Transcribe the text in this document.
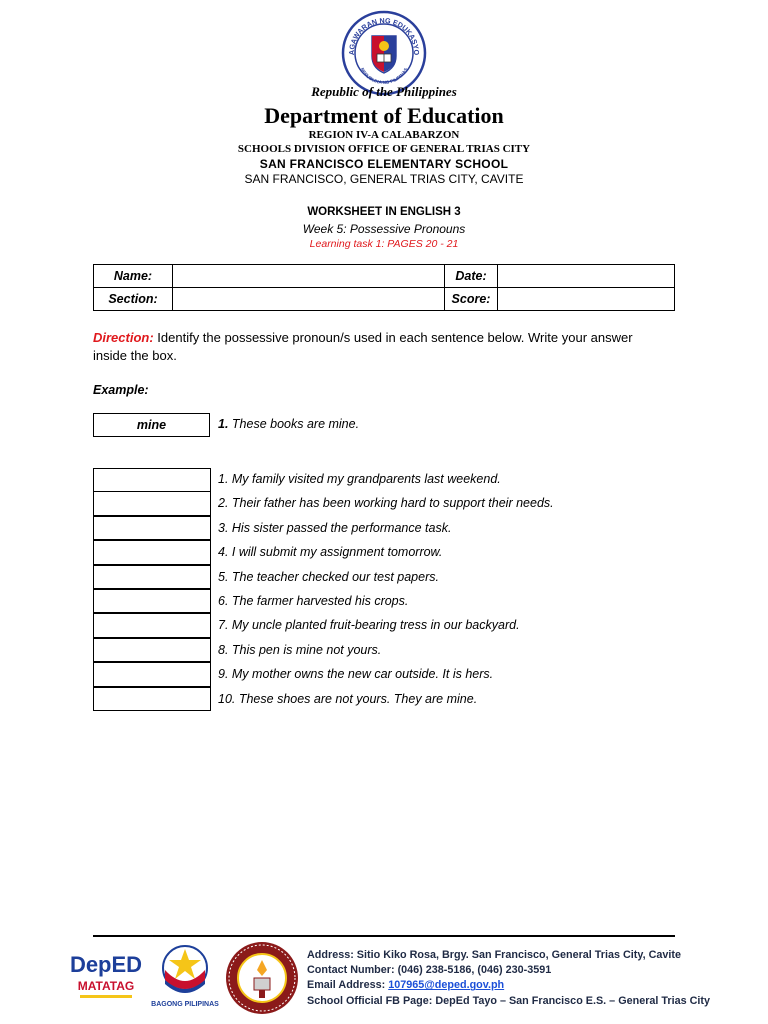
AGAWARAN NG EDUKASYO
REPUBLIKA NG PILIPINAS
Republic of the Philippines
Department of Education
REGION IV-A CALABARZON
SCHOOLS DIVISION OFFICE OF GENERAL TRIAS CITY
SAN FRANCISCO ELEMENTARY SCHOOL
SAN FRANCISCO, GENERAL TRIAS CITY, CAVITE
WORKSHEET IN ENGLISH 3
Week 5: Possessive Pronouns
Learning task 1: PAGES 20 - 21
Name:		Date:	
Section:		Score:	
Direction: Identify the possessive pronoun/s used in each sentence below. Write your answer inside the box.
Example:
mine	1. These books are mine.
1. My family visited my grandparents last weekend.
2. Their father has been working hard to support their needs.
3. His sister passed the performance task.
4. I will submit my assignment tomorrow.
5. The teacher checked our test papers.
6. The farmer harvested his crops.
7. My uncle planted fruit-bearing tress in our backyard.
8. This pen is mine not yours.
9. My mother owns the new car outside. It is hers.
10. These shoes are not yours. They are mine.
DepED
MATATAG
BAGONG PILIPINAS
Address: Sitio Kiko Rosa, Brgy. San Francisco, General Trias City, Cavite
Contact Number: (046) 238-5186, (046) 230-3591
Email Address: 107965@deped.gov.ph
School Official FB Page: DepEd Tayo – San Francisco E.S. – General Trias City
